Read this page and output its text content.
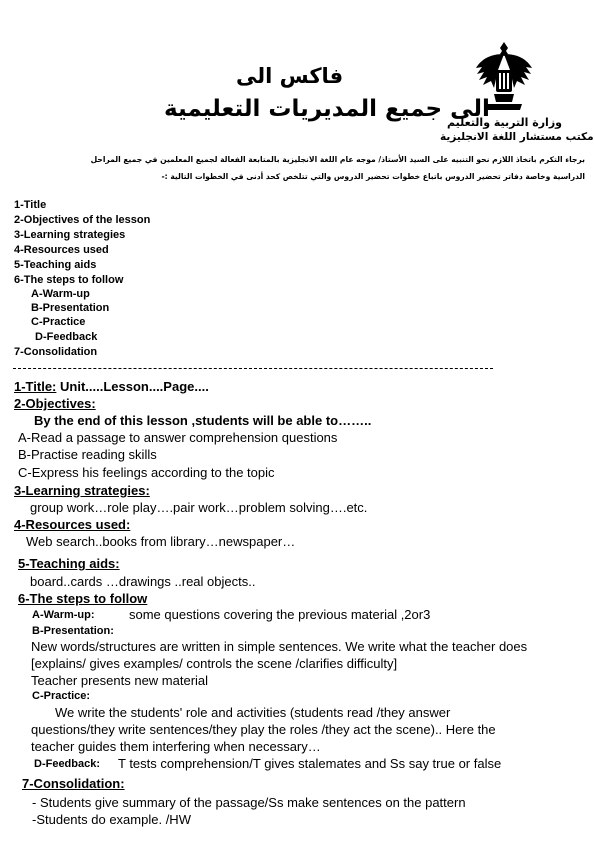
فاكس الى
الى جميع المديريات التعليمية
وزارة التربية والتعليم
مكتب مستشار اللغة الانجليزية
برجاء التكرم باتخاذ اللازم نحو التنبيه على السيد الأستاذ/ موجه عام اللغة الانجليزية بالمتابعة الفعالة لجميع المعلمين في جميع المراحل
الدراسية وخاصة دفاتر تحضير الدروس باتباع خطوات تحضير الدروس والتي تتلخص كحد أدنى في الخطوات التالية :-
1-Title
2-Objectives of the lesson
3-Learning strategies
4-Resources used
5-Teaching aids
6-The steps to follow
A-Warm-up
B-Presentation
C-Practice
D-Feedback
7-Consolidation
1-Title: Unit.....Lesson....Page....
2-Objectives:
By the end of this lesson ,students will be able to……..
A-Read a passage to answer comprehension questions
B-Practise reading skills
C-Express his feelings according to the topic
3-Learning strategies:
group work…role play….pair work…problem solving….etc.
4-Resources used:
Web search..books from library…newspaper…
5-Teaching aids:
board..cards …drawings ..real objects..
6-The steps to follow
A-Warm-up:	some questions covering the previous material ,2or3
B-Presentation:
New words/structures are written in simple sentences. We write what the teacher does
[explains/ gives examples/ controls the scene /clarifies difficulty]
Teacher presents new material
C-Practice:
We write the students' role and activities (students read /they answer
questions/they write sentences/they play the roles /they act the scene).. Here the
teacher guides them interfering when necessary…
D-Feedback: T tests comprehension/T gives stalemates and Ss say true or false
7-Consolidation:
- Students give summary of the passage/Ss make sentences on the pattern
-Students do example. /HW
